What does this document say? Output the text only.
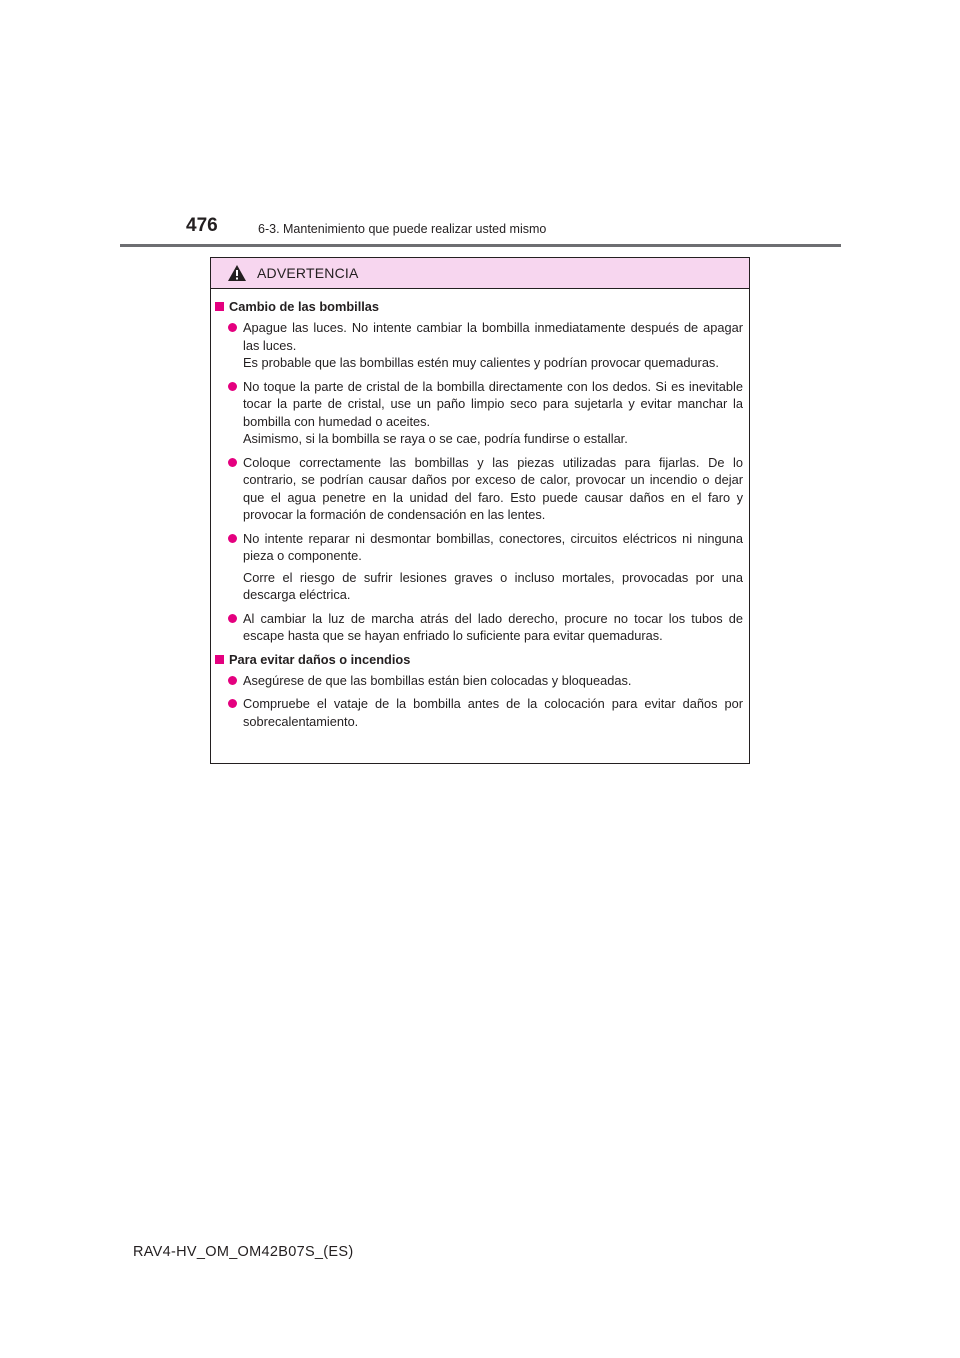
476	6-3. Mantenimiento que puede realizar usted mismo
ADVERTENCIA
Cambio de las bombillas

Apague las luces. No intente cambiar la bombilla inmediatamente después de apagar las luces.

Es probable que las bombillas estén muy calientes y podrían provocar quemaduras.

No toque la parte de cristal de la bombilla directamente con los dedos. Si es inevitable tocar la parte de cristal, use un paño limpio seco para sujetarla y evitar manchar la bombilla con humedad o aceites.

Asimismo, si la bombilla se raya o se cae, podría fundirse o estallar.

Coloque correctamente las bombillas y las piezas utilizadas para fijarlas. De lo contrario, se podrían causar daños por exceso de calor, provocar un incendio o dejar que el agua penetre en la unidad del faro. Esto puede causar daños en el faro y provocar la formación de condensación en las lentes.

No intente reparar ni desmontar bombillas, conectores, circuitos eléctricos ni ninguna pieza o componente.

Corre el riesgo de sufrir lesiones graves o incluso mortales, provocadas por una descarga eléctrica.

Al cambiar la luz de marcha atrás del lado derecho, procure no tocar los tubos de escape hasta que se hayan enfriado lo suficiente para evitar quemaduras.

Para evitar daños o incendios

Asegúrese de que las bombillas están bien colocadas y bloqueadas.

Compruebe el vataje de la bombilla antes de la colocación para evitar daños por sobrecalentamiento.

RAV4-HV_OM_OM42B07S_(ES)
